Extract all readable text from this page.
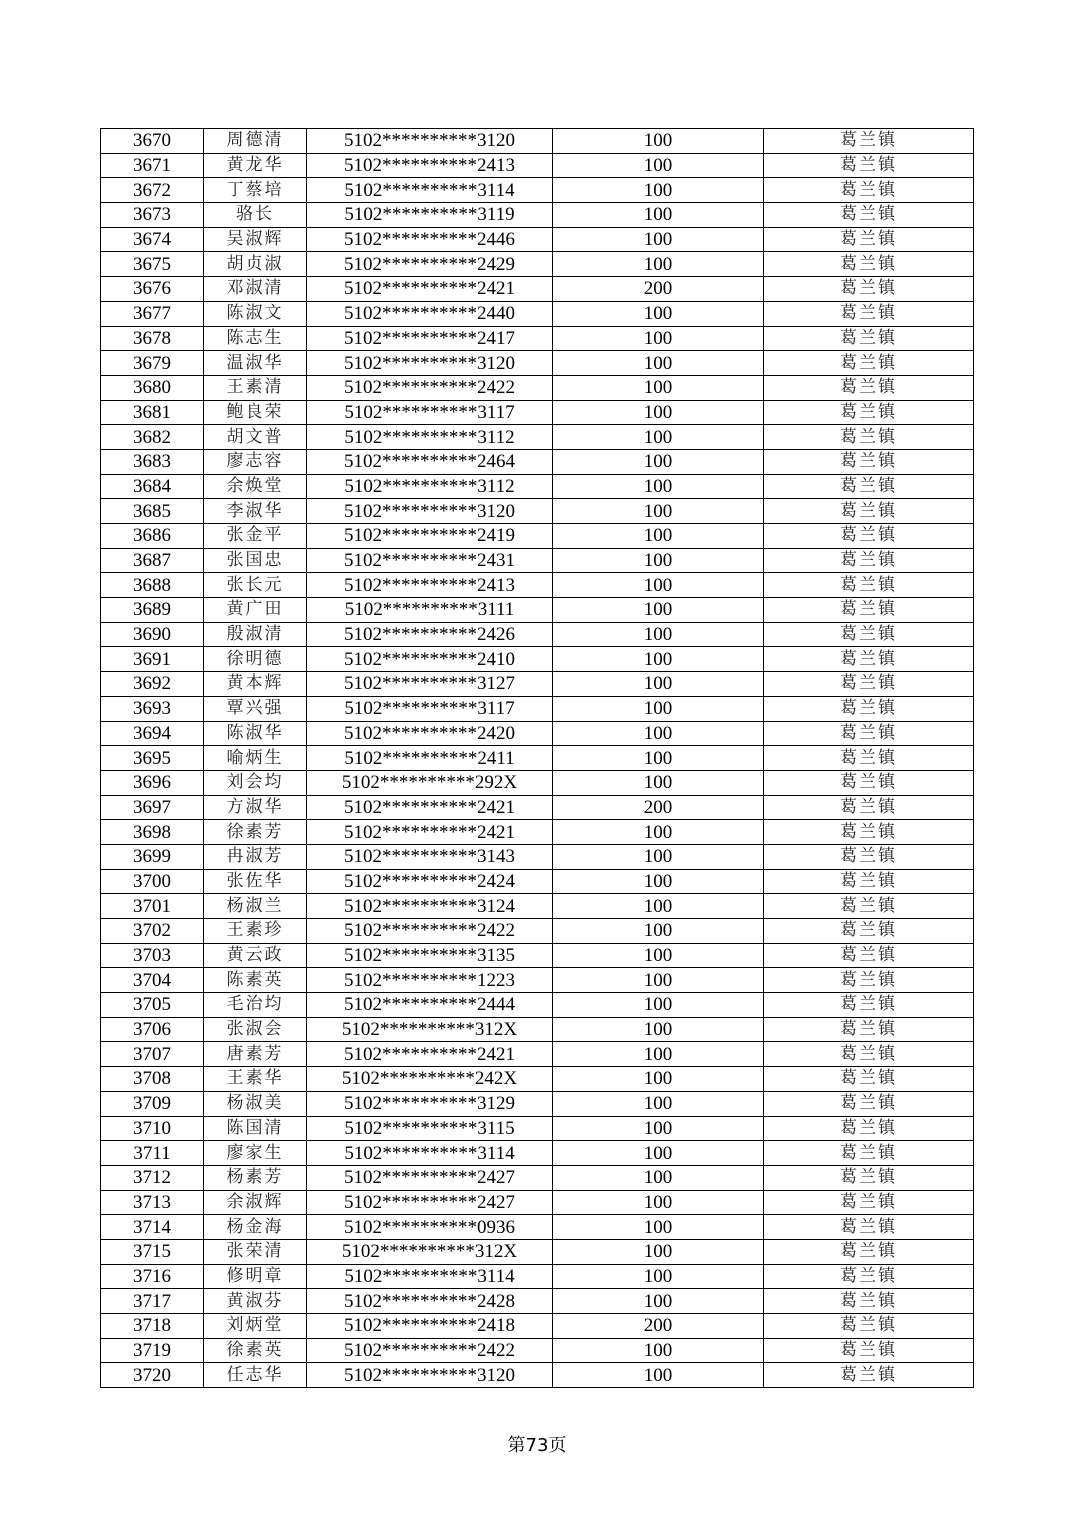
3670	周德清	5102**********3120	100	葛兰镇
3671	黄龙华	5102**********2413	100	葛兰镇
3672	丁蔡培	5102**********3114	100	葛兰镇
3673	骆长	5102**********3119	100	葛兰镇
3674	吴淑辉	5102**********2446	100	葛兰镇
3675	胡贞淑	5102**********2429	100	葛兰镇
3676	邓淑清	5102**********2421	200	葛兰镇
3677	陈淑文	5102**********2440	100	葛兰镇
3678	陈志生	5102**********2417	100	葛兰镇
3679	温淑华	5102**********3120	100	葛兰镇
3680	王素清	5102**********2422	100	葛兰镇
3681	鲍良荣	5102**********3117	100	葛兰镇
3682	胡文普	5102**********3112	100	葛兰镇
3683	廖志容	5102**********2464	100	葛兰镇
3684	余焕堂	5102**********3112	100	葛兰镇
3685	李淑华	5102**********3120	100	葛兰镇
3686	张金平	5102**********2419	100	葛兰镇
3687	张国忠	5102**********2431	100	葛兰镇
3688	张长元	5102**********2413	100	葛兰镇
3689	黄广田	5102**********3111	100	葛兰镇
3690	殷淑清	5102**********2426	100	葛兰镇
3691	徐明德	5102**********2410	100	葛兰镇
3692	黄本辉	5102**********3127	100	葛兰镇
3693	覃兴强	5102**********3117	100	葛兰镇
3694	陈淑华	5102**********2420	100	葛兰镇
3695	喻炳生	5102**********2411	100	葛兰镇
3696	刘会均	5102**********292X	100	葛兰镇
3697	方淑华	5102**********2421	200	葛兰镇
3698	徐素芳	5102**********2421	100	葛兰镇
3699	冉淑芳	5102**********3143	100	葛兰镇
3700	张佐华	5102**********2424	100	葛兰镇
3701	杨淑兰	5102**********3124	100	葛兰镇
3702	王素珍	5102**********2422	100	葛兰镇
3703	黄云政	5102**********3135	100	葛兰镇
3704	陈素英	5102**********1223	100	葛兰镇
3705	毛治均	5102**********2444	100	葛兰镇
3706	张淑会	5102**********312X	100	葛兰镇
3707	唐素芳	5102**********2421	100	葛兰镇
3708	王素华	5102**********242X	100	葛兰镇
3709	杨淑美	5102**********3129	100	葛兰镇
3710	陈国清	5102**********3115	100	葛兰镇
3711	廖家生	5102**********3114	100	葛兰镇
3712	杨素芳	5102**********2427	100	葛兰镇
3713	余淑辉	5102**********2427	100	葛兰镇
3714	杨金海	5102**********0936	100	葛兰镇
3715	张荣清	5102**********312X	100	葛兰镇
3716	修明章	5102**********3114	100	葛兰镇
3717	黄淑芬	5102**********2428	100	葛兰镇
3718	刘炳堂	5102**********2418	200	葛兰镇
3719	徐素英	5102**********2422	100	葛兰镇
3720	任志华	5102**********3120	100	葛兰镇
第73页
